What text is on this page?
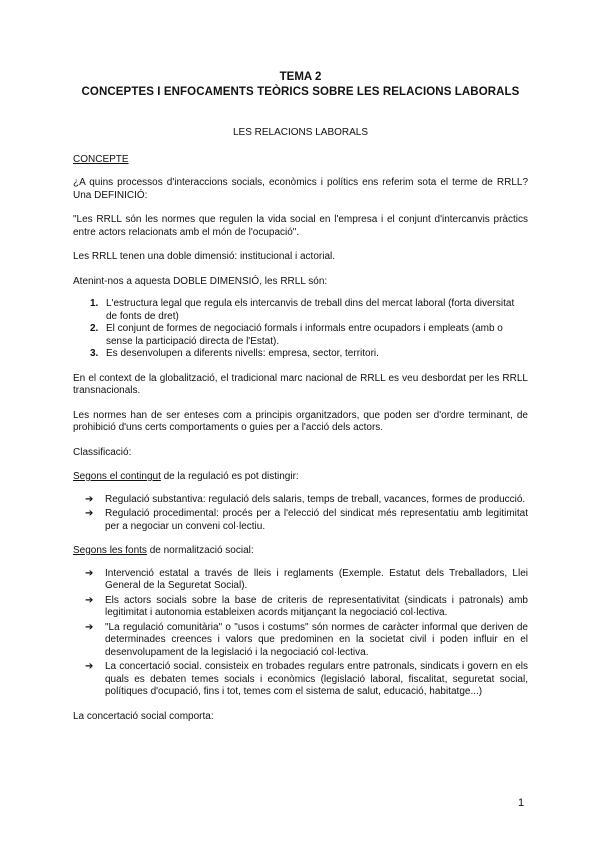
TEMA 2
CONCEPTES I ENFOCAMENTS TEÒRICS SOBRE LES RELACIONS LABORALS
LES RELACIONS LABORALS
CONCEPTE

¿A quins processos d'interaccions socials, econòmics i polítics ens referim sota el terme de RRLL? Una DEFINICIÓ:

"Les RRLL són les normes que regulen la vida social en l'empresa i el conjunt d'intercanvis pràctics entre actors relacionats amb el món de l'ocupació".

Les RRLL tenen una doble dimensió: institucional i actorial.

Atenint-nos a aquesta DOBLE DIMENSIÓ, les RRLL són:

1. L'estructura legal que regula els intercanvis de treball dins del mercat laboral (forta diversitat de fonts de dret)
2. El conjunt de formes de negociació formals i informals entre ocupadors i empleats (amb o sense la participació directa de l'Estat).
3. Es desenvolupen a diferents nivells: empresa, sector, territori.

En el context de la globalització, el tradicional marc nacional de RRLL es veu desbordat per les RRLL transnacionals.

Les normes han de ser enteses com a principis organitzadors, que poden ser d'ordre terminant, de prohibició d'uns certs comportaments o guies per a l'acció dels actors.

Classificació:

Segons el contingut de la regulació es pot distingir:

➔ Regulació substantiva: regulació dels salaris, temps de treball, vacances, formes de producció.
➔ Regulació procedimental: procés per a l'elecció del sindicat més representatiu amb legitimitat per a negociar un conveni col·lectiu.

Segons les fonts de normalització social:

➔ Intervenció estatal a través de lleis i reglaments (Exemple. Estatut dels Treballadors, Llei General de la Seguretat Social).
➔ Els actors socials sobre la base de criteris de representativitat (sindicats i patronals) amb legitimitat i autonomia estableixen acords mitjançant la negociació col·lectiva.
➔ "La regulació comunitària" o "usos i costums" són normes de caràcter informal que deriven de determinades creences i valors que predominen en la societat civil i poden influir en el desenvolupament de la legislació i la negociació col·lectiva.
➔ La concertació social. consisteix en trobades regulars entre patronals, sindicats i govern en els quals es debaten temes socials i econòmics (legislació laboral, fiscalitat, seguretat social, polítiques d'ocupació, fins i tot, temes com el sistema de salut, educació, habitatge...)

La concertació social comporta:

1
